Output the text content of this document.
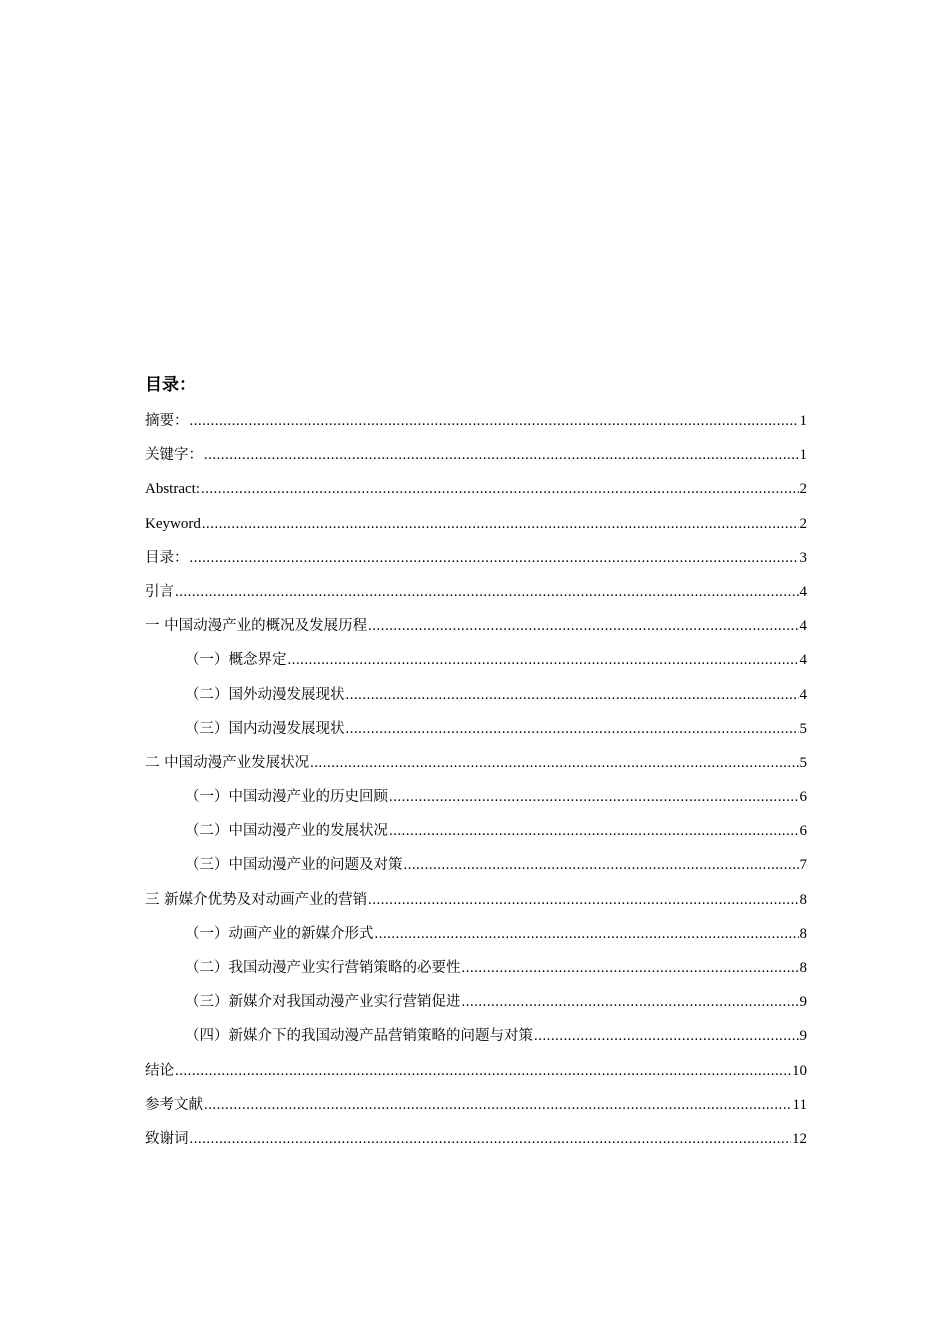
目录：
摘要： .....	1
关键字： .....	1
Abstract: .....	2
Keyword .....	2
目录： .....	3
引言 .....	4
一 中国动漫产业的概况及发展历程 .....	4
（一）概念界定 .....	4
（二）国外动漫发展现状 .....	4
（三）国内动漫发展现状 .....	5
二 中国动漫产业发展状况 .....	5
（一）中国动漫产业的历史回顾 .....	6
（二）中国动漫产业的发展状况 .....	6
（三）中国动漫产业的问题及对策 .....	7
三 新媒介优势及对动画产业的营销 .....	8
（一）动画产业的新媒介形式 .....	8
（二）我国动漫产业实行营销策略的必要性 .....	8
（三）新媒介对我国动漫产业实行营销促进 .....	9
（四）新媒介下的我国动漫产品营销策略的问题与对策 .....	9
结论 .....	10
参考文献 .....	11
致谢词 .....	12
